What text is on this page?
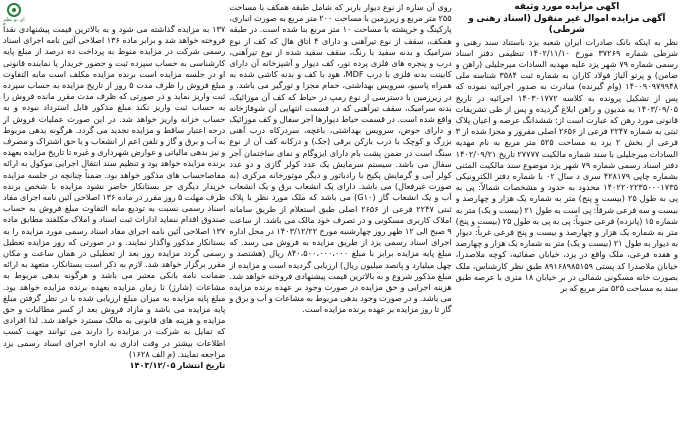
آگهی مزایده مورد وثیقه
آگهی مزایده اموال غیر منقول (اسناد رهنی و شرطی)
نظر به اینکه بانک صادرات ایران شعبه یزد باستناد سند رهنی و شرطی شماره ۳۷۲۶۹ مورخ ۱۴۰۲/۱۱/۱۰ تنظیمی دفتر اسناد رسمی شماره ۷۹ شهر یزد علیه مهدیه السادات میرجلیلی (راهن و ضامن) و پرتو آلیاژ فولاد کاران به شماره ثبت ۳۵۸۴ شناسه ملی ۱۴۰۰۹۰۹۷۹۹۴۸ (وام گیرنده) مبادرت به صدور اجرائیه نموده که پس از تشکیل پرونده به کلاسه ۱۴۰۳۰۱۷۷۲ اجرائیه در تاریخ ۱۴۰۳/۰۹/۰۵ به مدیون و راهن ابلاغ گردیده و پس از طی تشریفات قانونی مورد رهن که عبارت است از: ششدانگ عرصه و اعیان پلاک ثبتی به شماره ۲۲۴۷ فرعی از ۲۶۵۶ اصلی مفروز و مجزا شده از ۳ فرعی از بخش ۲ یزد به مساحت ۵۲۵ متر مربع به نام مهدیه السادات میرجلیلی با سند شماره مالکیت ۲۷۷۷۷ تاریخ ۱۴۰۲/۰۹/۲۱ دفتر اسناد رسمی شماره ۷۹ شهر یزد موضوع سند مالکیت المثنی بشماره چاپی ۴۲۸۱۷۹ سری د سال ۰۲ با شماره دفتر الکترونیکی ۱۴۰۲۲۰۲۲۳۵۰۰۰۱۷۳۵ محدود به حدود و مشخصات شمالاً: پی به پی به طول ۲۵ (بیست و پنج) متر به شماره یک هزار و چهارصد و بیست و سه فرعی شرقاً: پی است به طول ۲۱ (بیست و یک) متر به شماره ۱۵ (پانزده) فرعی جنوباً: پی به پی به طول ۲۵ (بیست و پنج) متر به شماره یک هزار و چهارصد و بیست و پنج فرعی غرباً: دیوار به دیوار به طول ۲۱ (بیست و یک) متر به شماره یک هزار و چهارصد و هفده فرعی، ملک واقع در یزد، خیابان صفائیه، کوچه ملاصدرا، خیابان ملاصدرا کد پستی ۸۹۱۶۸۹۸۵۱۵۹ طبق نظر کارشناس، ملک بصورت خانه مسکونی شمالی در بر خیابان ۱۸ متری با عرصه طبق سند به مساحت ۵۲۵ متر مربع که بر
روی آن سازه از نوع دیوار باربر که شامل طبقه همکف با مساحت ۲۵۵ متر مربع و زیرزمین با مساحت ۲۰۰ متر مربع به صورت انباری، پارکینگ و خرپشته با مساحت ۱۰ متر مربع بنا شده است. در طبقه همکف، سقف از نوع تیرآهنی و دارای ۴ اتاق هال که کف از نوع سرامیک و بدنه سفید با رنگ، سقف سفید شده از نوع تیرآهنی، درب و پنجره های فلزی پرده تور، کف دیوار و آشپزخانه آن دارای کابینت بدنه فلزی با درب MDF، هود با کف و بدنه کاشی شده به همراه پاسیو، سرویس بهداشتی، حمام مجزا و تورگیر می باشد. و در زیرزمین با دسترسی از نوع رمپ در حیاط که کف آن موزائیک، بدنه سرامیک، سقف تیرآهنی که در قسمت انتهایی آن شوفاژخانه واقع شده است. در قسمت حیاط دیوارها آجر سفال و کف موزائیک و دارای حوض، سرویس بهداشتی، باغچه، سردرکاه درب آهنی بزرگ و کوچک با درب بازکن برقی (جک) و درکانه کف آن از نوع سنگ است در ضمن پشت بام دارای ایزوگام و نمای ساختمان آجر سفال می باشد. سیستم سرمایش یک عدد کولر گازی و دو عدد کولر آبی و گرمایش پکیج با رادیاتور و دیگر موتورخانه مرکزی (به صورت غیرفعال) می باشد. دارای یک انشعاب برق و یک انشعاب آب و یک انشعاب گاز (G۱۰) می باشد که ملک مورد نظر با پلاک ثبتی ۲۲۴۷ فرعی از ۲۶۵۶ اصلی طبق استعلام از طریق سامانه املاک کاربری مسکونی و در تصرف خود مالک می باشد. از ساعت ۹ صبح الی ۱۲ ظهر روز چهارشنبه مورخ ۱۴۰۳/۱۲/۲۲ در محل اداره اجرای اسناد رسمی یزد از طریق مزایده به فروش می رسد. که مبلغ پایه مزایده برابر با مبلغ ۸۴۰،۵۰۰،۰۰۰،۰۰۰ ریال (هشتصد و چهل میلیارد و پانصد میلیون ریال) ارزیابی گردیده است و مزایده از مبلغ مذکور شروع و به بالاترین قیمت پیشنهادی فروخته خواهد شد. هزینه اجرایی و حق مزایده در صورت وجود بر عهده برنده مزایده می باشد. و در صورت وجود بدهی مربوط به مشاعات و آب و برق و گاز تا روز مزایده بر عهده برنده مزایده است.
۱۳۷ به مزایده گذاشته می شود و به بالاترین قیمت پیشنهادی نقداً فروخته خواهد شد و برابر ماده ۱۳۶ اصلاحی آئین نامه اجرای اسناد رسمی شرکت در مزایده منوط به پرداخت ده درصد از مبلغ پایه کارشناسی به حساب سپرده ثبت و حضور خریدار یا نماینده قانونی او در جلسه مزایده است برنده مزایده مکلف است مابه التفاوت مبلغ فروش را ظرف مدت ۵ روز از تاریخ مزایده به حساب سپرده ثبت واریز نماید و در صورتی که ظرف مدت مقرر مانده فروش را به حساب ثبت واریز نکند مبلغ مذکور قابل استرداد نبوده و به حساب خزانه واریز خواهد شد. در این صورت عملیات فروش از درجه اعتبار ساقط و مزایده تجدید می گردد. هرگونه بدهی مربوط به آب و برق و گاز و تلفن اعم از انشعاب و یا حق اشتراک و مصرف و نیز بدهی مالیاتی و عوارض شهرداری و غیره تا تاریخ مزایده بعهده برنده مزایده خواهد بود و تنظیم سند انتقال اجرایی موکول به ارائه مفاصاحساب های مذکور خواهد بود. ضمناً چنانچه در جلسه مزایده خریدار دیگری جز بستانکار حاضر نشود مزایده با شخص برنده ظرف مهلت ۵ روز مقرر در ماده ۱۳۶ اصلاحی آئین نامه اجرای مفاد اسناد رسمی نسبت به تودیع مابه التفاوت مبلغ فروش به حساب صندوق اقدام ننماید ادارات ثبت اسناد و املاک مکلفند مطابق ماده ۱۳۷ اصلاحی آئین نامه اجرای مفاد اسناد رسمی مورد مزایده را به بستانکار مذکور واگذار نمایند. و در صورتی که روز مزایده تعطیل رسمی گردد مزایده روز بعد از تعطیلی در همان ساعت و مکان مقرر برگزار خواهد شد. لازم به ذکر است بستانکار، متعهد به ارائه ضمانت نامه بانکی معتبر می باشد و هرگونه بدهی مربوط به مشاعات (شارژ) تا زمان مزایده بعهده برنده مزایده خواهد بود. مبلغ پایه مزایده به میزان مبلغ ارزیابی شده با در نظر گرفتن مبلغ پایه مزایده می باشد و مازاد فروش بعد از کسر مطالبات و حق مزایده و هزینه های قانونی به مالک مسترد خواهد شد. لذا افرادی که تمایل به شرکت در مزایده را دارند می توانند جهت کسب اطلاعات بیشتر در وقت اداری به اداره اجرای اسناد رسمی یزد مراجعه نمایند. (م الف ۱۶۲۸)
تاریخ انتشار ۱۴۰۳/۱۲/۰۵
ای تو نظم
